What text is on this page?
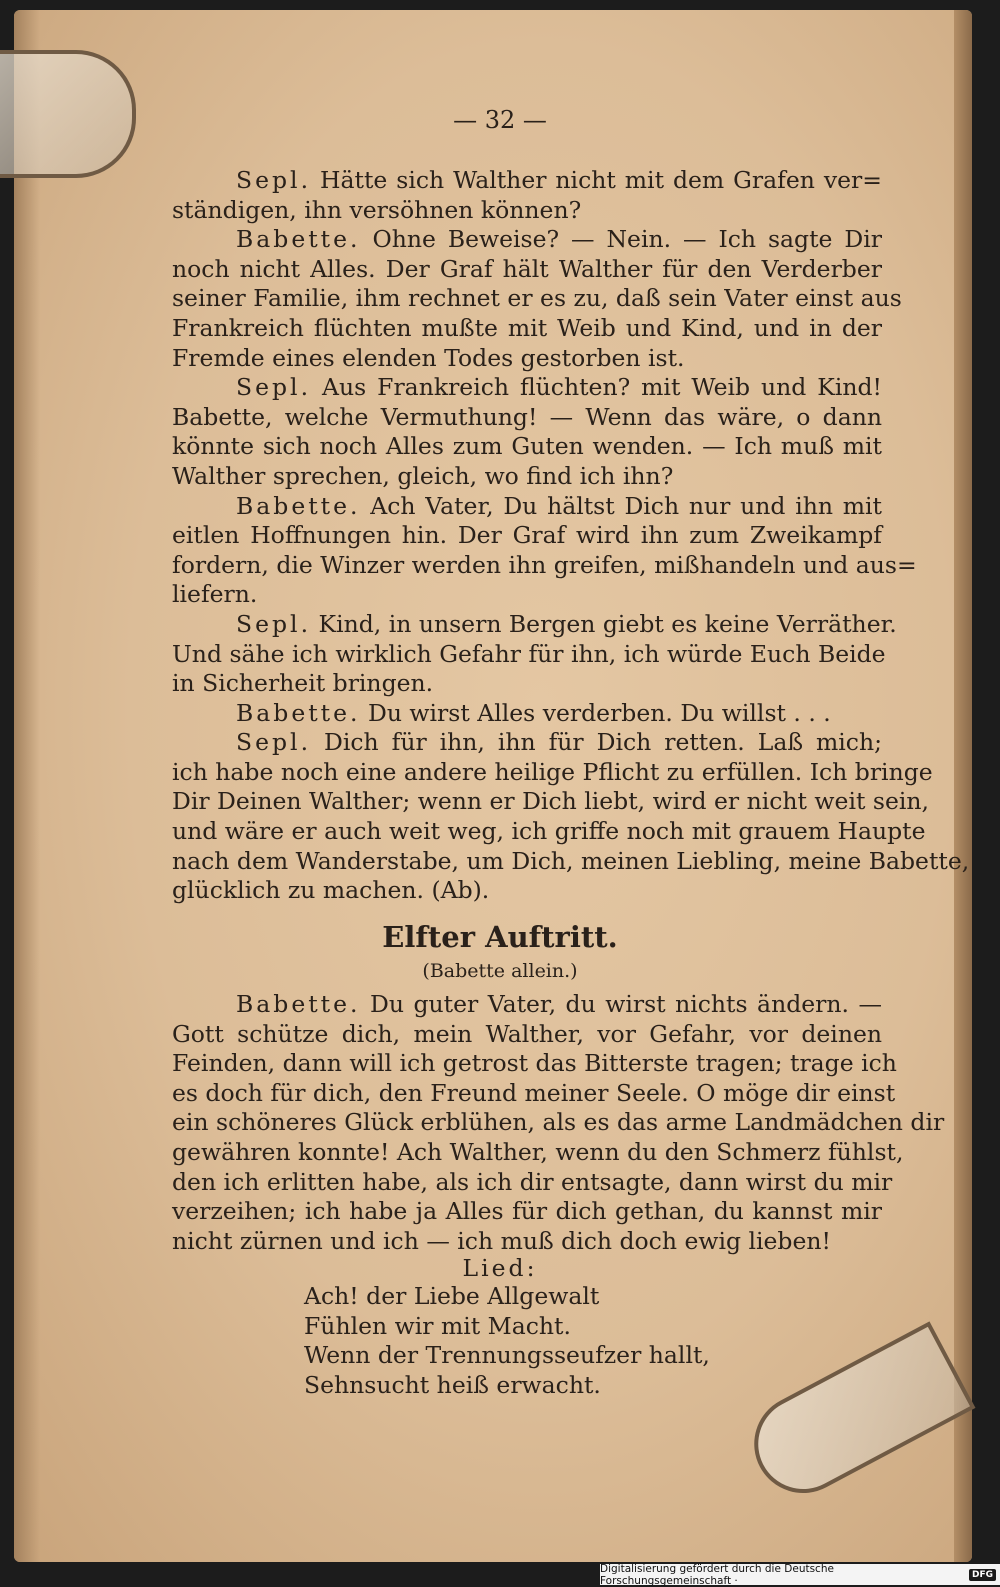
— 32 —
Sepl. Hätte sich Walther nicht mit dem Grafen ver=
ständigen, ihn versöhnen können?
Babette. Ohne Beweise? — Nein. — Ich sagte Dir
noch nicht Alles. Der Graf hält Walther für den Verderber
seiner Familie, ihm rechnet er es zu, daß sein Vater einst aus
Frankreich flüchten mußte mit Weib und Kind, und in der
Fremde eines elenden Todes gestorben ist.
Sepl. Aus Frankreich flüchten? mit Weib und Kind!
Babette, welche Vermuthung! — Wenn das wäre, o dann
könnte sich noch Alles zum Guten wenden. — Ich muß mit
Walther sprechen, gleich, wo find ich ihn?
Babette. Ach Vater, Du hältst Dich nur und ihn mit
eitlen Hoffnungen hin. Der Graf wird ihn zum Zweikampf
fordern, die Winzer werden ihn greifen, mißhandeln und aus=
liefern.
Sepl. Kind, in unsern Bergen giebt es keine Verräther.
Und sähe ich wirklich Gefahr für ihn, ich würde Euch Beide
in Sicherheit bringen.
Babette. Du wirst Alles verderben. Du willst . . .
Sepl. Dich für ihn, ihn für Dich retten. Laß mich;
ich habe noch eine andere heilige Pflicht zu erfüllen. Ich bringe
Dir Deinen Walther; wenn er Dich liebt, wird er nicht weit sein,
und wäre er auch weit weg, ich griffe noch mit grauem Haupte
nach dem Wanderstabe, um Dich, meinen Liebling, meine Babette,
glücklich zu machen. (Ab).
Elfter Auftritt.
(Babette allein.)
Babette. Du guter Vater, du wirst nichts ändern. —
Gott schütze dich, mein Walther, vor Gefahr, vor deinen
Feinden, dann will ich getrost das Bitterste tragen; trage ich
es doch für dich, den Freund meiner Seele. O möge dir einst
ein schöneres Glück erblühen, als es das arme Landmädchen dir
gewähren konnte! Ach Walther, wenn du den Schmerz fühlst,
den ich erlitten habe, als ich dir entsagte, dann wirst du mir
verzeihen; ich habe ja Alles für dich gethan, du kannst mir
nicht zürnen und ich — ich muß dich doch ewig lieben!
Lied:
Ach! der Liebe Allgewalt
Fühlen wir mit Macht.
Wenn der Trennungsseufzer hallt,
Sehnsucht heiß erwacht.
Digitalisierung gefördert durch die Deutsche Forschungsgemeinschaft ·	DFG
